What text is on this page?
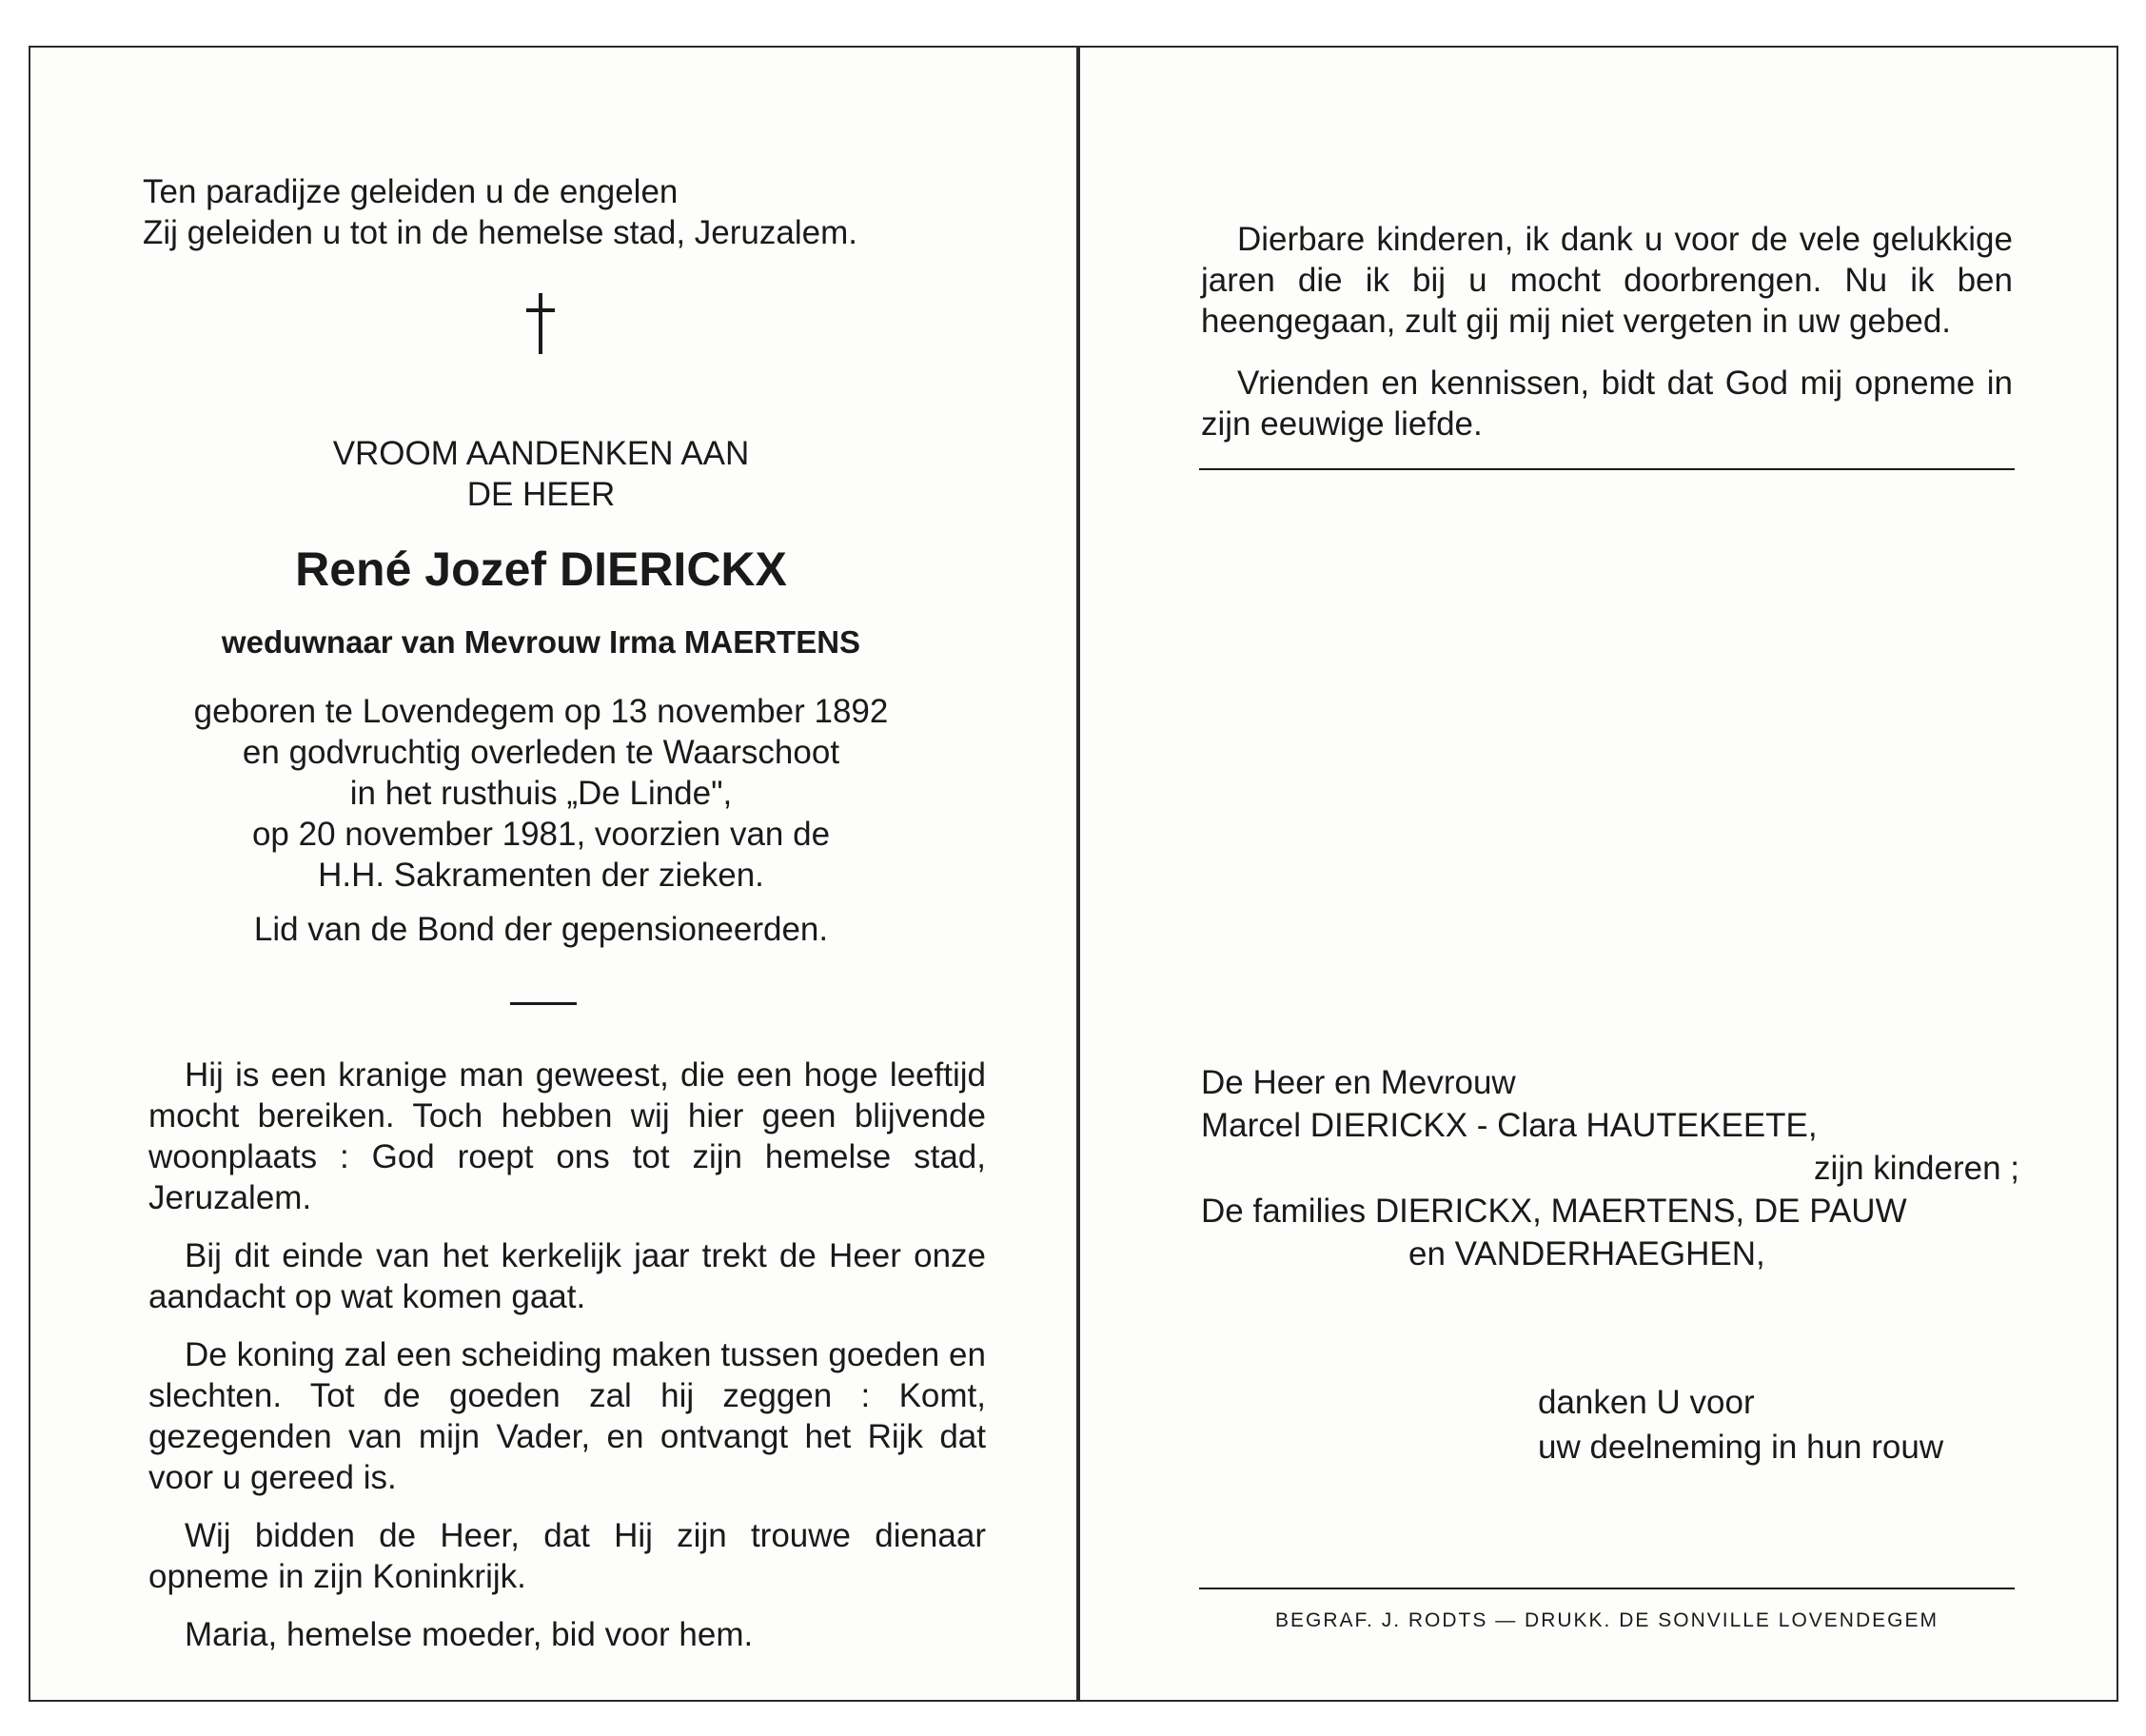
Ten paradijze geleiden u de engelen

Zij geleiden u tot in de hemelse stad, Jeruzalem.

VROOM AANDENKEN AAN

DE HEER

René Jozef DIERICKX
weduwnaar van Mevrouw Irma MAERTENS

geboren te Lovendegem op 13 november 1892

en godvruchtig overleden te Waarschoot

in het rusthuis „De Linde",

op 20 november 1981, voorzien van de

H.H. Sakramenten der zieken.

Lid van de Bond der gepensioneerden.

Hij is een kranige man geweest, die een hoge leeftijd mocht bereiken. Toch hebben wij hier geen blijvende woonplaats : God roept ons tot zijn hemelse stad, Jeruzalem.

Bij dit einde van het kerkelijk jaar trekt de Heer onze aandacht op wat komen gaat.

De koning zal een scheiding maken tussen goeden en slechten. Tot de goeden zal hij zeggen : Komt, gezegenden van mijn Vader, en ontvangt het Rijk dat voor u gereed is.

Wij bidden de Heer, dat Hij zijn trouwe dienaar opneme in zijn Koninkrijk.

Maria, hemelse moeder, bid voor hem.

Dierbare kinderen, ik dank u voor de vele gelukkige jaren die ik bij u mocht doorbrengen. Nu ik ben heengegaan, zult gij mij niet vergeten in uw gebed.

Vrienden en kennissen, bidt dat God mij opneme in zijn eeuwige liefde.

De Heer en Mevrouw
Marcel DIERICKX - Clara HAUTEKEETE,
zijn kinderen ;
De families DIERICKX, MAERTENS, DE PAUW
en VANDERHAEGHEN,
danken U voor
uw deelneming in hun rouw
BEGRAF. J. RODTS — DRUKK. DE SONVILLE LOVENDEGEM
